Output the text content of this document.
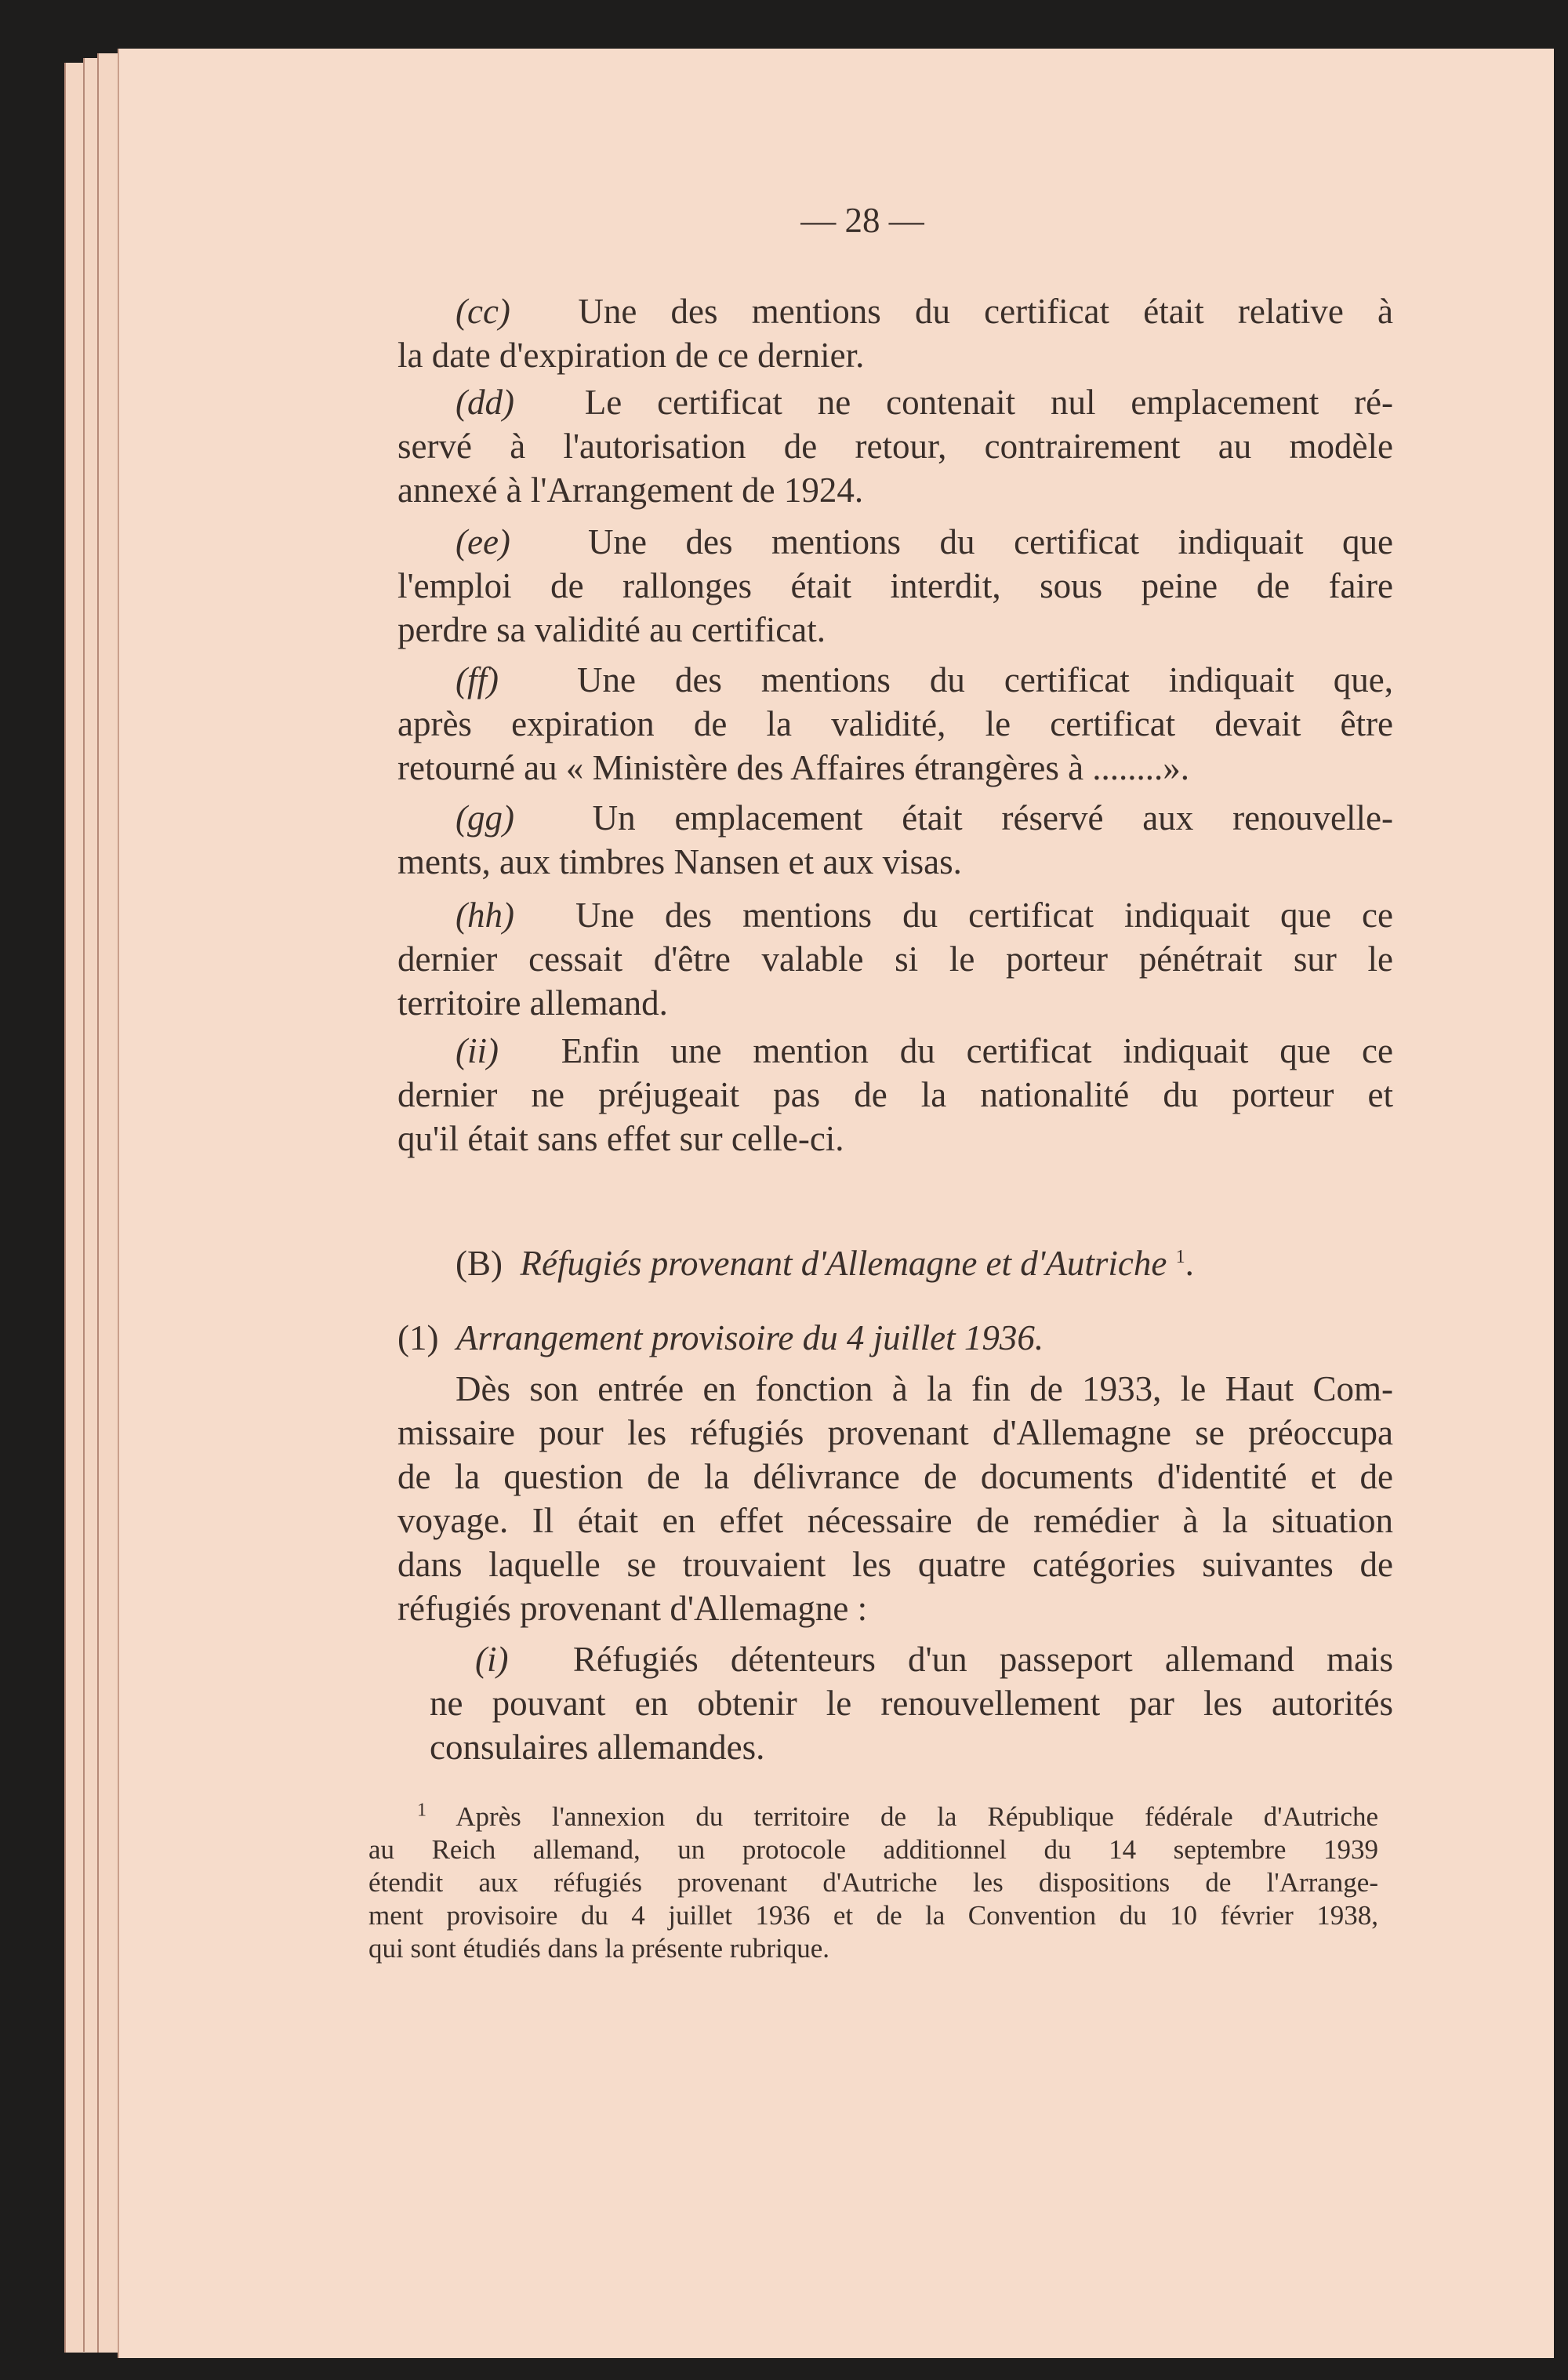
— 28 —
(cc) Une des mentions du certificat était relative à
la date d'expiration de ce dernier.
(dd) Le certificat ne contenait nul emplacement ré-
servé à l'autorisation de retour, contrairement au modèle
annexé à l'Arrangement de 1924.
(ee) Une des mentions du certificat indiquait que
l'emploi de rallonges était interdit, sous peine de faire
perdre sa validité au certificat.
(ff) Une des mentions du certificat indiquait que,
après expiration de la validité, le certificat devait être
retourné au « Ministère des Affaires étrangères à ........».
(gg) Un emplacement était réservé aux renouvelle-
ments, aux timbres Nansen et aux visas.
(hh) Une des mentions du certificat indiquait que ce
dernier cessait d'être valable si le porteur pénétrait sur le
territoire allemand.
(ii) Enfin une mention du certificat indiquait que ce
dernier ne préjugeait pas de la nationalité du porteur et
qu'il était sans effet sur celle-ci.
(B) Réfugiés provenant d'Allemagne et d'Autriche $^1$.
(1) Arrangement provisoire du 4 juillet 1936.
Dès son entrée en fonction à la fin de 1933, le Haut Com-
missaire pour les réfugiés provenant d'Allemagne se préoccupa
de la question de la délivrance de documents d'identité et de
voyage. Il était en effet nécessaire de remédier à la situation
dans laquelle se trouvaient les quatre catégories suivantes de
réfugiés provenant d'Allemagne :
(i) Réfugiés détenteurs d'un passeport allemand mais
ne pouvant en obtenir le renouvellement par les autorités
consulaires allemandes.
$^1$ Après l'annexion du territoire de la République fédérale d'Autriche
au Reich allemand, un protocole additionnel du 14 septembre 1939
étendit aux réfugiés provenant d'Autriche les dispositions de l'Arrange-
ment provisoire du 4 juillet 1936 et de la Convention du 10 février 1938,
qui sont étudiés dans la présente rubrique.
